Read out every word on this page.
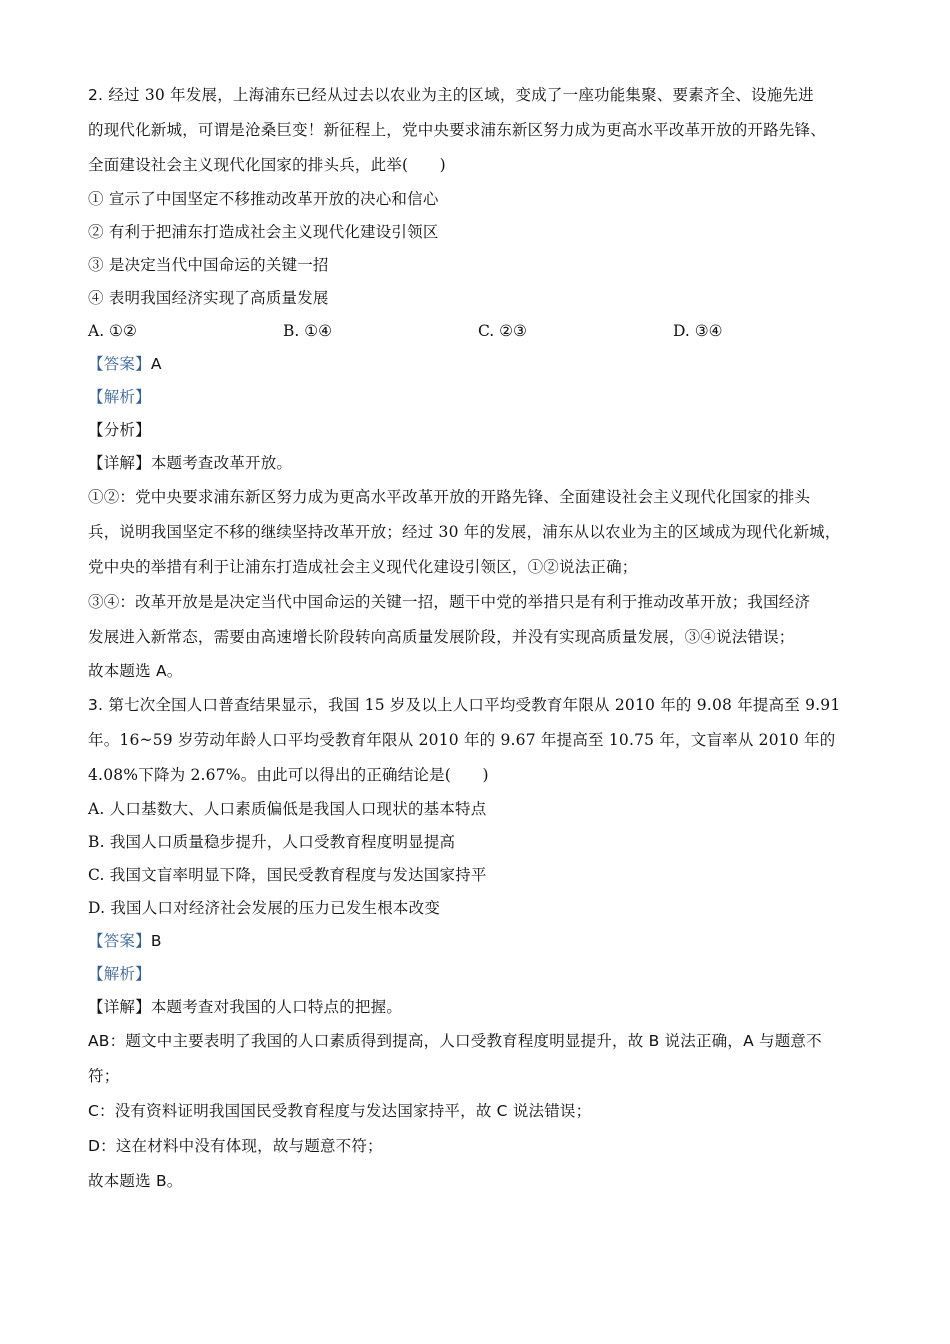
2. 经过 30 年发展，上海浦东已经从过去以农业为主的区域，变成了一座功能集聚、要素齐全、设施先进
的现代化新城，可谓是沧桑巨变！新征程上，党中央要求浦东新区努力成为更高水平改革开放的开路先锋、
全面建设社会主义现代化国家的排头兵，此举(　　)
① 宣示了中国坚定不移推动改革开放的决心和信心
② 有利于把浦东打造成社会主义现代化建设引领区
③ 是决定当代中国命运的关键一招
④ 表明我国经济实现了高质量发展
A. ①②	B. ①④	C. ②③	D. ③④
【答案】A
【解析】
【分析】
【详解】本题考查改革开放。
①②：党中央要求浦东新区努力成为更高水平改革开放的开路先锋、全面建设社会主义现代化国家的排头
兵，说明我国坚定不移的继续坚持改革开放；经过 30 年的发展，浦东从以农业为主的区域成为现代化新城，
党中央的举措有利于让浦东打造成社会主义现代化建设引领区，①②说法正确；
③④：改革开放是是决定当代中国命运的关键一招，题干中党的举措只是有利于推动改革开放；我国经济
发展进入新常态，需要由高速增长阶段转向高质量发展阶段，并没有实现高质量发展，③④说法错误；
故本题选 A。
3. 第七次全国人口普查结果显示，我国 15 岁及以上人口平均受教育年限从 2010 年的 9.08 年提高至 9.91
年。16~59 岁劳动年龄人口平均受教育年限从 2010 年的 9.67 年提高至 10.75 年，文盲率从 2010 年的
4.08%下降为 2.67%。由此可以得出的正确结论是(　　)
A. 人口基数大、人口素质偏低是我国人口现状的基本特点
B. 我国人口质量稳步提升，人口受教育程度明显提高
C. 我国文盲率明显下降，国民受教育程度与发达国家持平
D. 我国人口对经济社会发展的压力已发生根本改变
【答案】B
【解析】
【详解】本题考查对我国的人口特点的把握。
AB：题文中主要表明了我国的人口素质得到提高，人口受教育程度明显提升，故 B 说法正确，A 与题意不
符；
C：没有资料证明我国国民受教育程度与发达国家持平，故 C 说法错误；
D：这在材料中没有体现，故与题意不符；
故本题选 B。
